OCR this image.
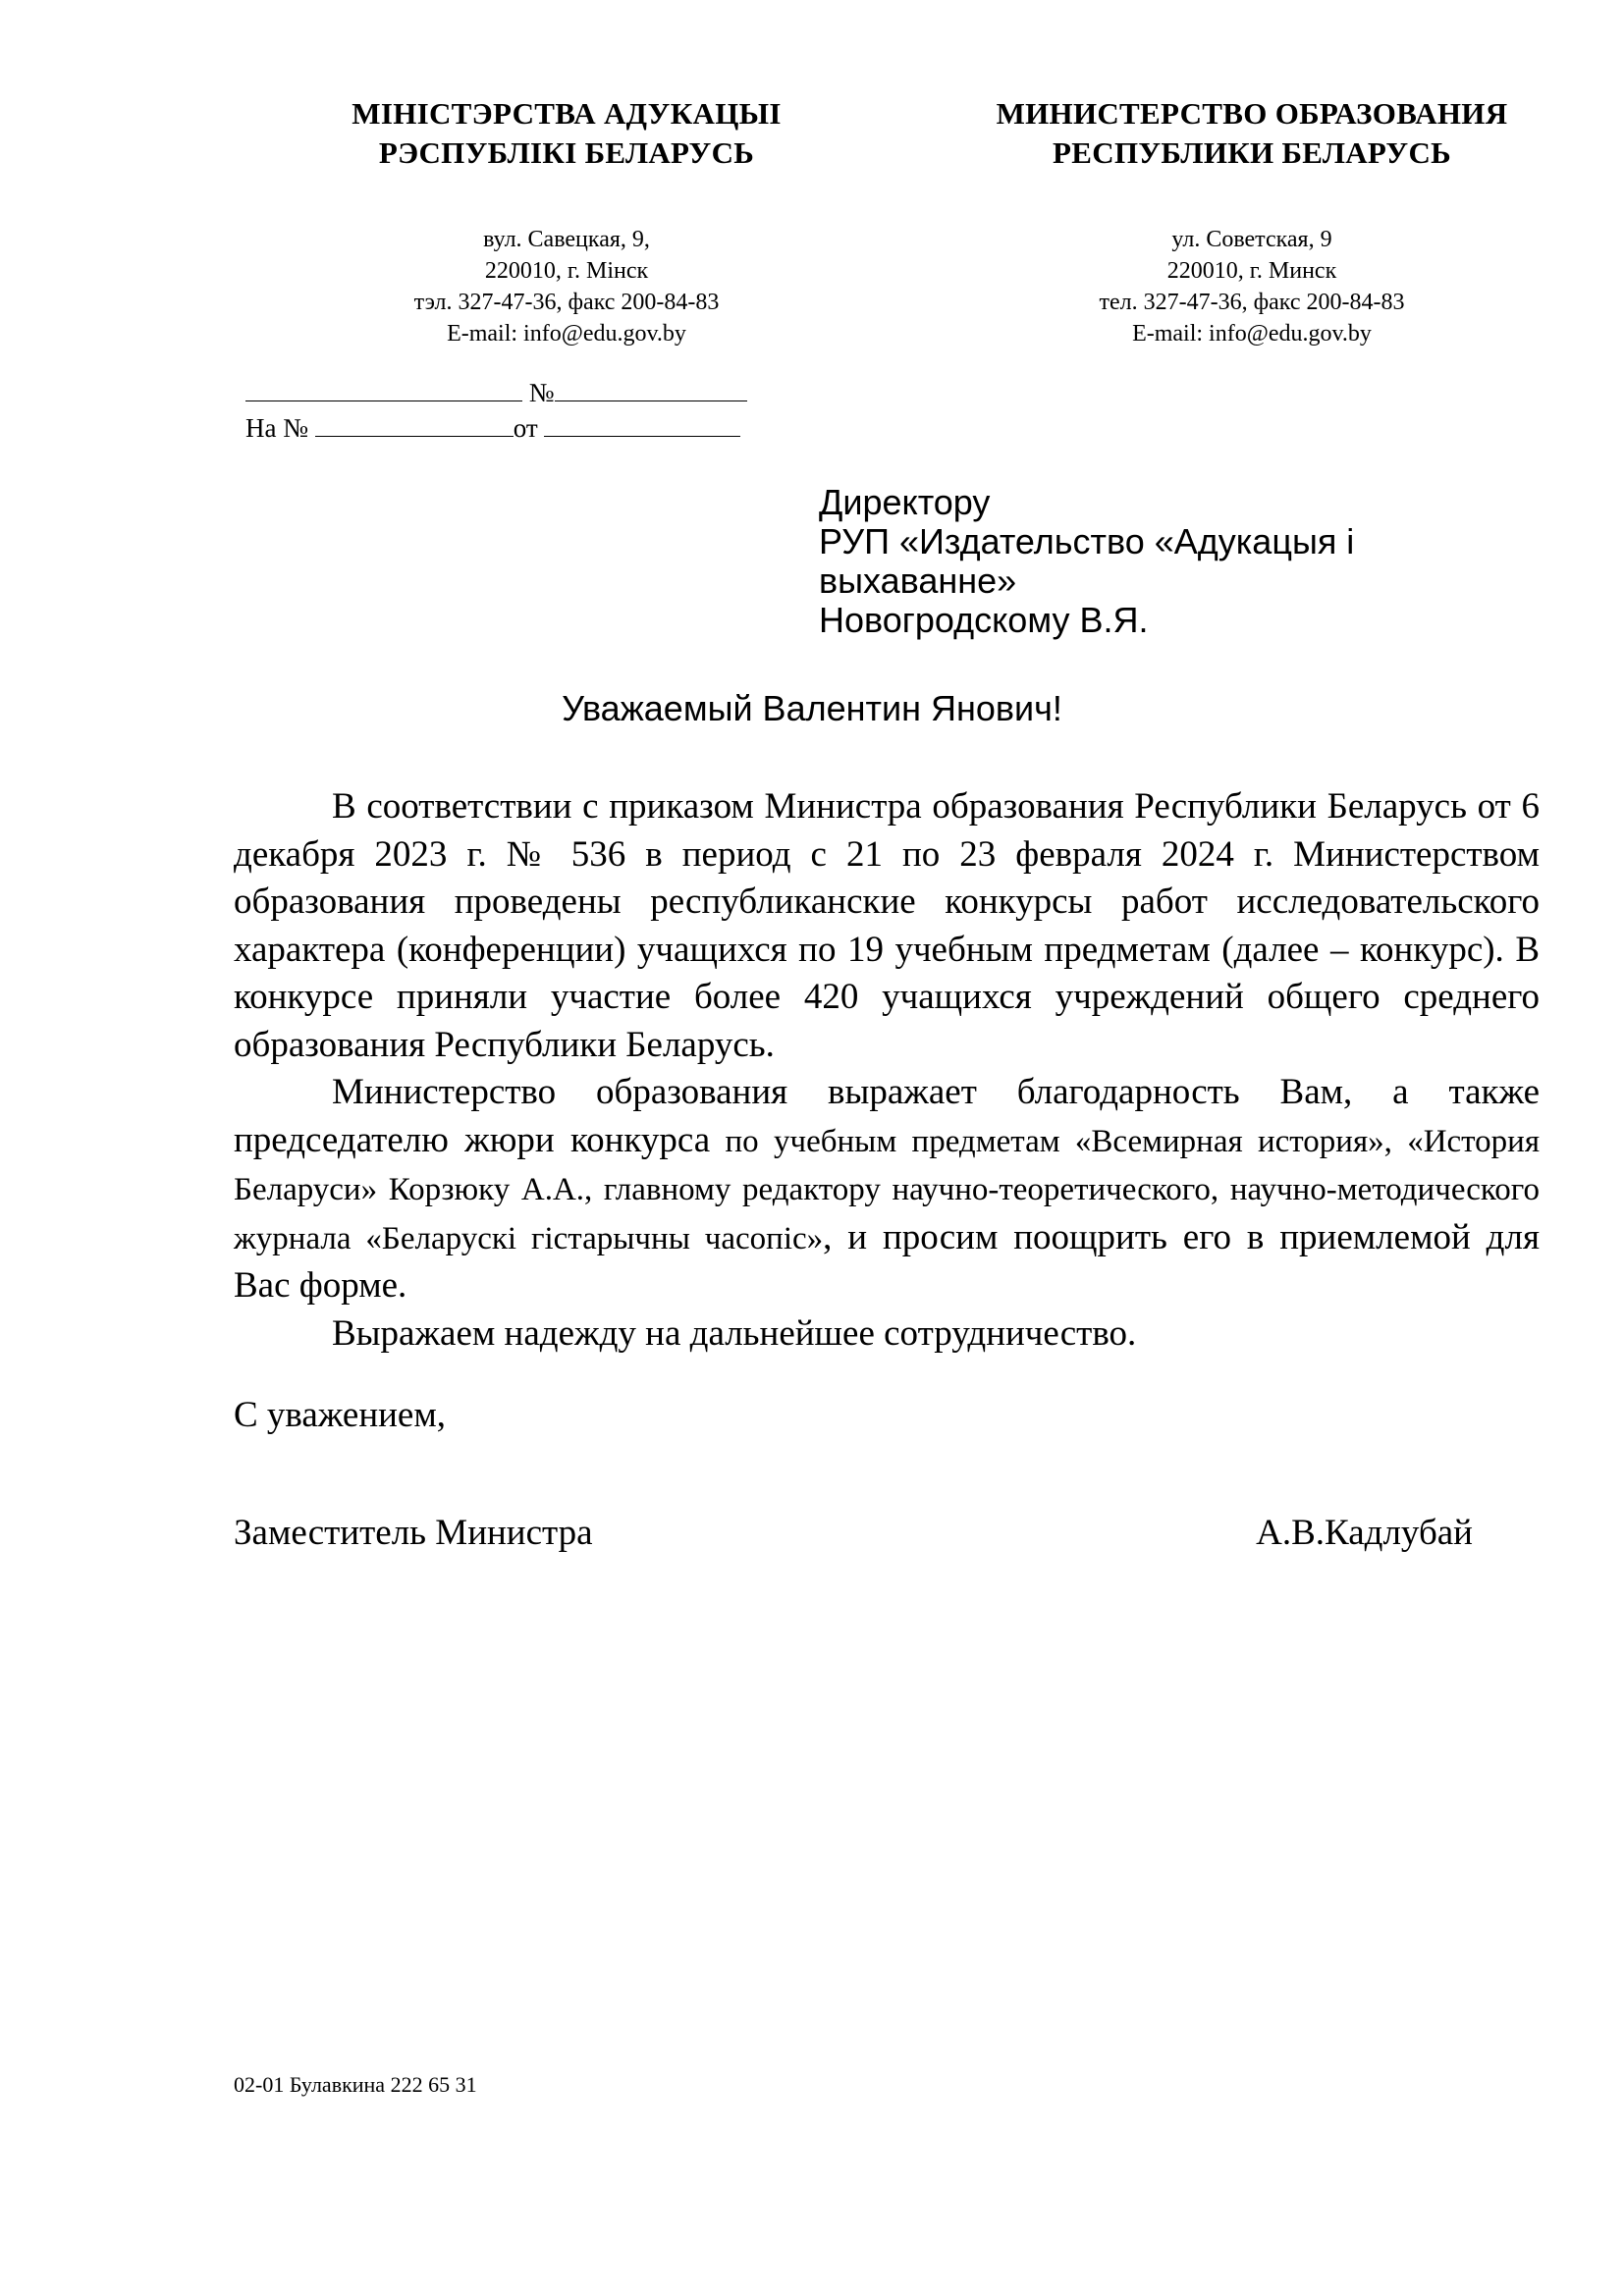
МІНІСТЭРСТВА АДУКАЦЫІ
РЭСПУБЛІКІ БЕЛАРУСЬ
вул. Савецкая, 9,
220010, г. Мінск
тэл. 327-47-36, факс 200-84-83
E-mail: info@edu.gov.by
МИНИСТЕРСТВО ОБРАЗОВАНИЯ
РЕСПУБЛИКИ БЕЛАРУСЬ
ул. Советская, 9
220010, г. Минск
тел. 327-47-36, факс 200-84-83
E-mail: info@edu.gov.by
№
На №	от
Директору
РУП «Издательство «Адукацыя і
выхаванне»
Новогродскому В.Я.
Уважаемый Валентин Янович!

В соответствии с приказом Министра образования Республики Беларусь от 6 декабря 2023 г. № 536 в период с 21 по 23 февраля 2024 г. Министерством образования проведены республиканские конкурсы работ исследовательского характера (конференции) учащихся по 19 учебным предметам (далее – конкурс). В конкурсе приняли участие более 420 учащихся учреждений общего среднего образования Республики Беларусь.

Министерство образования выражает благодарность Вам, а также председателю жюри конкурса по учебным предметам «Всемирная история», «История Беларуси» Корзюку А.А., главному редактору научно-теоретического, научно-методического журнала «Беларускі гістарычны часопіс», и просим поощрить его в приемлемой для Вас форме.

Выражаем надежду на дальнейшее сотрудничество.

С уважением,
Заместитель Министра	А.В.Кадлубай
02-01 Булавкина 222 65 31
